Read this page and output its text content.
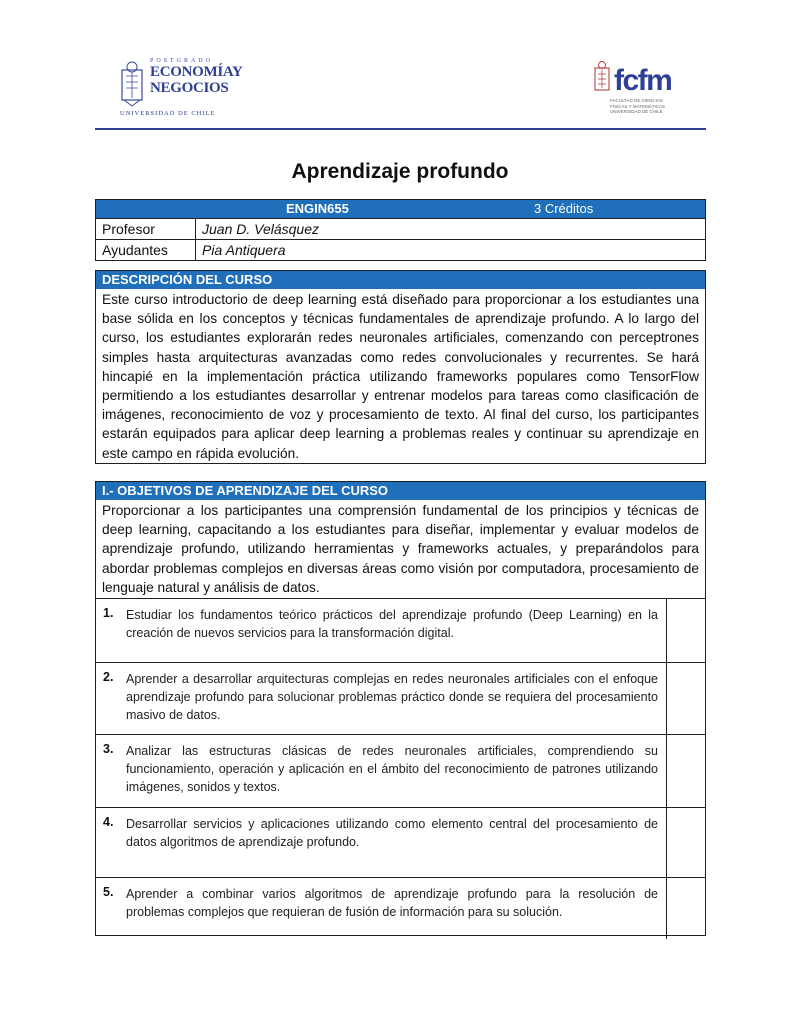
POSTGRADO
ECONOMÍAY
NEGOCIOS
UNIVERSIDAD DE CHILE
fcfm
FACULTAD DE CIENCIAS FÍSICAS Y MATEMÁTICAS UNIVERSIDAD DE CHILE
Aprendizaje profundo
ENGIN655	3 Créditos
Profesor	Juan D. Velásquez
Ayudantes	Pia Antiquera
DESCRIPCIÓN DEL CURSO
Este curso introductorio de deep learning está diseñado para proporcionar a los estudiantes una base sólida en los conceptos y técnicas fundamentales de aprendizaje profundo. A lo largo del curso, los estudiantes explorarán redes neuronales artificiales, comenzando con perceptrones simples hasta arquitecturas avanzadas como redes convolucionales y recurrentes. Se hará hincapié en la implementación práctica utilizando frameworks populares como TensorFlow permitiendo a los estudiantes desarrollar y entrenar modelos para tareas como clasificación de imágenes, reconocimiento de voz y procesamiento de texto. Al final del curso, los participantes estarán equipados para aplicar deep learning a problemas reales y continuar su aprendizaje en este campo en rápida evolución.
I.- OBJETIVOS DE APRENDIZAJE DEL CURSO
Proporcionar a los participantes una comprensión fundamental de los principios y técnicas de deep learning, capacitando a los estudiantes para diseñar, implementar y evaluar modelos de aprendizaje profundo, utilizando herramientas y frameworks actuales, y preparándolos para abordar problemas complejos en diversas áreas como visión por computadora, procesamiento de lenguaje natural y análisis de datos.
1. Estudiar los fundamentos teórico prácticos del aprendizaje profundo (Deep Learning) en la creación de nuevos servicios para la transformación digital.
2. Aprender a desarrollar arquitecturas complejas en redes neuronales artificiales con el enfoque aprendizaje profundo para solucionar problemas práctico donde se requiera del procesamiento masivo de datos.
3. Analizar las estructuras clásicas de redes neuronales artificiales, comprendiendo su funcionamiento, operación y aplicación en el ámbito del reconocimiento de patrones utilizando imágenes, sonidos y textos.
4. Desarrollar servicios y aplicaciones utilizando como elemento central del procesamiento de datos algoritmos de aprendizaje profundo.
5. Aprender a combinar varios algoritmos de aprendizaje profundo para la resolución de problemas complejos que requieran de fusión de información para su solución.
